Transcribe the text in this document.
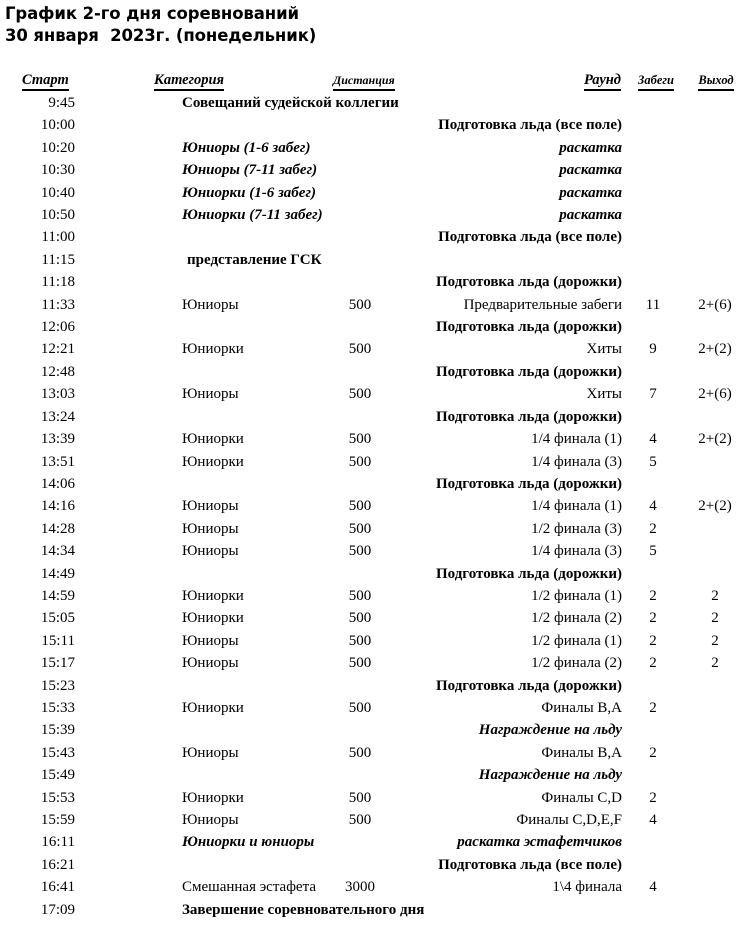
График 2-го дня соревнований
30 января  2023г. (понедельник)
Старт	Категория	Дистанция	Раунд	Забеги	Выход
9:45	Совещаний судейской коллегии				
10:00			Подготовка льда (все поле)		
10:20	Юниоры (1-6 забег)		раскатка		
10:30	Юниоры (7-11 забег)		раскатка		
10:40	Юниорки (1-6 забег)		раскатка		
10:50	Юниорки (7-11 забег)		раскатка		
11:00			Подготовка льда (все поле)		
11:15	представление ГСК				
11:18			Подготовка льда (дорожки)		
11:33	Юниоры	500	Предварительные забеги	11	2+(6)
12:06			Подготовка льда (дорожки)		
12:21	Юниорки	500	Хиты	9	2+(2)
12:48			Подготовка льда (дорожки)		
13:03	Юниоры	500	Хиты	7	2+(6)
13:24			Подготовка льда (дорожки)		
13:39	Юниорки	500	1/4 финала (1)	4	2+(2)
13:51	Юниорки	500	1/4 финала (3)	5	
14:06			Подготовка льда (дорожки)		
14:16	Юниоры	500	1/4 финала (1)	4	2+(2)
14:28	Юниоры	500	1/2 финала (3)	2	
14:34	Юниоры	500	1/4 финала (3)	5	
14:49			Подготовка льда (дорожки)		
14:59	Юниорки	500	1/2 финала (1)	2	2
15:05	Юниорки	500	1/2 финала (2)	2	2
15:11	Юниоры	500	1/2 финала (1)	2	2
15:17	Юниоры	500	1/2 финала (2)	2	2
15:23			Подготовка льда (дорожки)		
15:33	Юниорки	500	Финалы B,A	2	
15:39			Награждение на льду		
15:43	Юниоры	500	Финалы B,A	2	
15:49			Награждение на льду		
15:53	Юниорки	500	Финалы C,D	2	
15:59	Юниоры	500	Финалы C,D,E,F	4	
16:11	Юниорки и юниоры		раскатка эстафетчиков		
16:21			Подготовка льда (все поле)		
16:41	Смешанная эстафета	3000	1\4 финала	4	
17:09	Завершение соревновательного дня				
